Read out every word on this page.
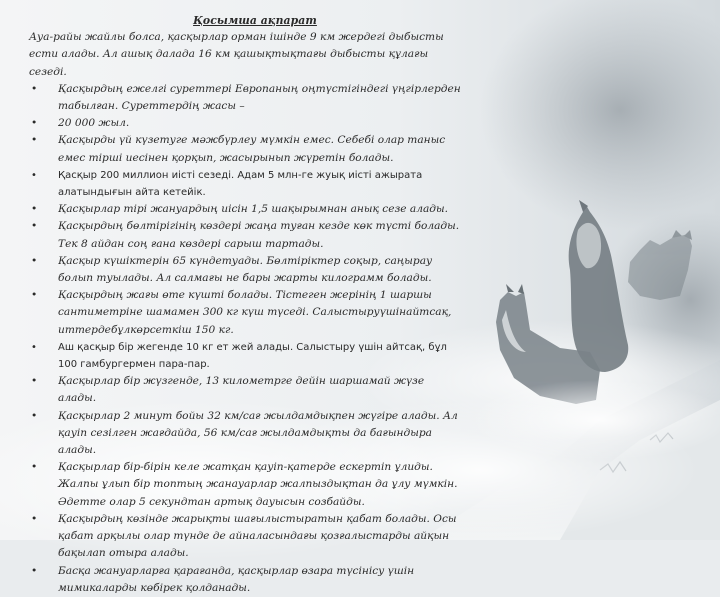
Қосымша ақпарат

Ауа-райы жайлы болса, қасқырлар орман ішінде 9 км жердегі дыбысты ести алады. Ал ашық далада 16 км қашықтықтағы дыбысты құлағы сезеді.

• Қасқырдың ежелгі суреттері Европаның оңтүстігіндегі үңгірлерден табылған. Суреттердің жасы –
• 20 000 жыл.
• Қасқырды үй күзетуге мәжбүрлеу мүмкін емес. Себебі олар таныс емес тірші иесінен қорқып, жасырынып жүретін болады.
• Қасқыр 200 миллион иісті сезеді. Адам 5 млн-ге жуық иісті ажырата алатындығын айта кетейік.
• Қасқырлар тірі жануардың иісін 1,5 шақырымнан анық сезе алады.
• Қасқырдың бөлтірігінің көздері жаңа туған кезде көк түсті болады. Тек 8 айдан соң ғана көздері сарыш тартады.
• Қасқыр күшіктерін 65 күндетуады. Бөлтіріктер соқыр, саңырау болып туылады. Ал салмағы не бары жарты килограмм болады.
• Қасқырдың жағы өте күшті болады. Тістеген жерінің 1 шаршы сантиметріне шамамен 300 кг күш түседі. Салыстыруүшінайтсақ, иттердебұлкөрсеткіш 150 кг.
• Аш қасқыр бір жегенде 10 кг ет жей алады. Салыстыру үшін айтсақ, бұл 100 гамбургермен пара-пар.
• Қасқырлар бір жүзгенде, 13 километрге дейін шаршамай жүзе алады.
• Қасқырлар 2 минут бойы 32 км/сағ жылдамдықпен жүгіре алады. Ал қауіп сезілген жағдайда, 56 км/сағ жылдамдықты да бағындыра алады.
• Қасқырлар бір-бірін келе жатқан қауіп-қатерде ескертіп ұлиды. Жалпы ұлып бір топтың жанауарлар жалпыздықтан да ұлу мүмкін. Әдетте олар 5 секундтан артық дауысын созбайды.
• Қасқырдың көзінде жарықты шағылыстыратын қабат болады. Осы қабат арқылы олар түнде де айналасындағы қозғалыстарды айқын бақылап отыра алады.
• Басқа жануарларға қарағанда, қасқырлар өзара түсінісу үшін мимикаларды көбірек қолданады.
